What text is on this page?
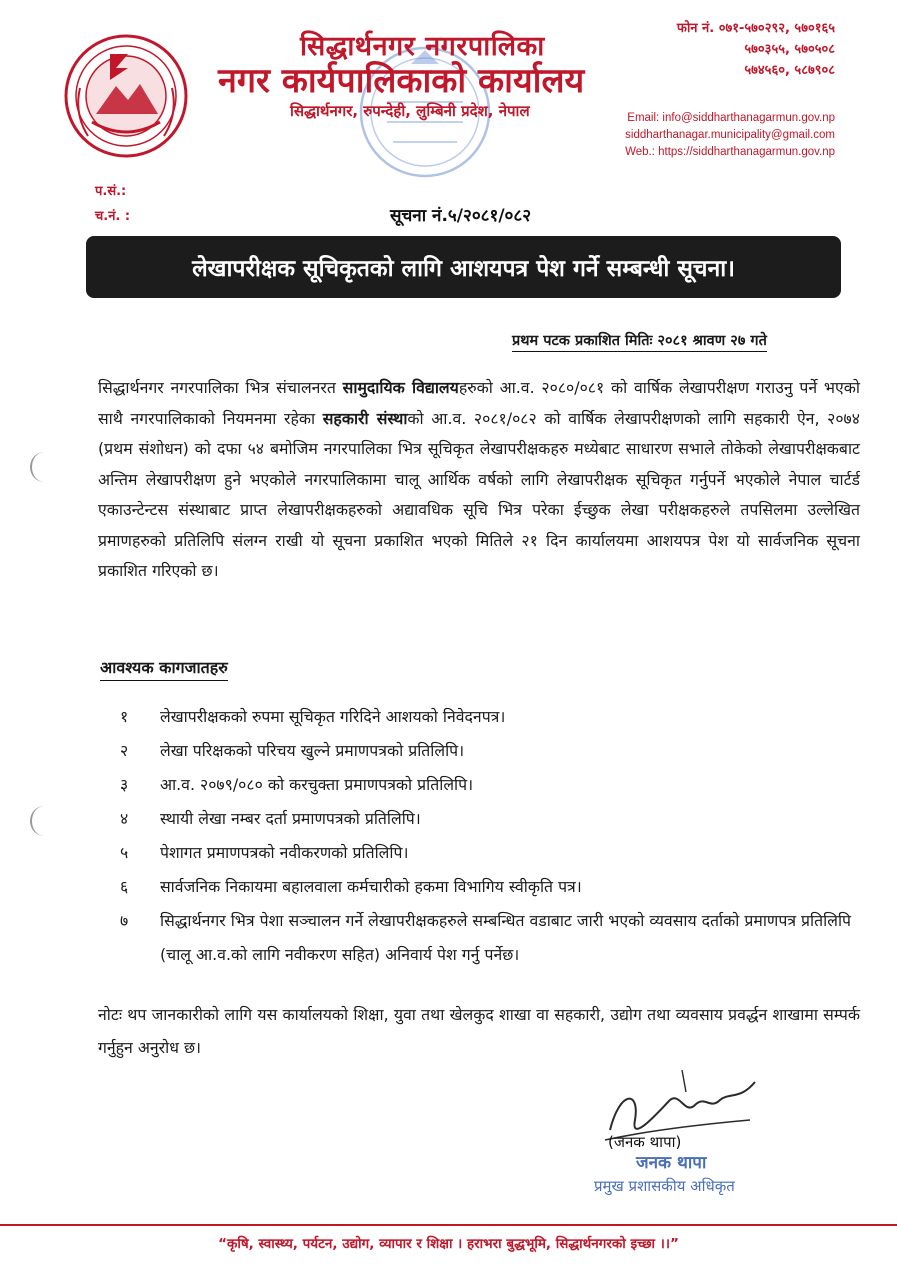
सिद्धार्थनगर नगरपालिका
नगर कार्यपालिकाको कार्यालय
सिद्धार्थनगर, रुपन्देही, लुम्बिनी प्रदेश, नेपाल
फोन नं. ०७१-५७०२९२, ५७०१६५
५७०३५५, ५७०५०८
५७४५६०, ५८७९०८
Email: info@siddharthanagarmun.gov.np
siddharthanagar.municipality@gmail.com
Web.: https://siddharthanagarmun.gov.np
प.सं.:
च.नं. :	सूचना नं.५/२०८१/०८२
लेखापरीक्षक सूचिकृतको लागि आशयपत्र पेश गर्ने सम्बन्धी सूचना।
प्रथम पटक प्रकाशित मितिः २०८१ श्रावण २७ गते

सिद्धार्थनगर नगरपालिका भित्र संचालनरत सामुदायिक विद्यालयहरुको आ.व. २०८०/०८१ को वार्षिक लेखापरीक्षण गराउनु पर्ने भएको साथै नगरपालिकाको नियमनमा रहेका सहकारी संस्थाको आ.व. २०८१/०८२ को वार्षिक लेखापरीक्षणको लागि सहकारी ऐन, २०७४ (प्रथम संशोधन) को दफा ५४ बमोजिम नगरपालिका भित्र सूचिकृत लेखापरीक्षकहरु मध्येबाट साधारण सभाले तोकेको लेखापरीक्षकबाट अन्तिम लेखापरीक्षण हुने भएकोले नगरपालिकामा चालू आर्थिक वर्षको लागि लेखापरीक्षक सूचिकृत गर्नुपर्ने भएकोले नेपाल चार्टर्ड एकाउन्टेन्टस संस्थाबाट प्राप्त लेखापरीक्षकहरुको अद्यावधिक सूचि भित्र परेका ईच्छुक लेखा परीक्षकहरुले तपसिलमा उल्लेखित प्रमाणहरुको प्रतिलिपि संलग्न राखी यो सूचना प्रकाशित भएको मितिले २१ दिन कार्यालयमा आशयपत्र पेश यो सार्वजनिक सूचना प्रकाशित गरिएको छ।

आवश्यक कागजातहरु
१	लेखापरीक्षकको रुपमा सूचिकृत गरिदिने आशयको निवेदनपत्र।
२	लेखा परिक्षकको परिचय खुल्ने प्रमाणपत्रको प्रतिलिपि।
३	आ.व. २०७९/०८० को करचुक्ता प्रमाणपत्रको प्रतिलिपि।
४	स्थायी लेखा नम्बर दर्ता प्रमाणपत्रको प्रतिलिपि।
५	पेशागत प्रमाणपत्रको नवीकरणको प्रतिलिपि।
६	सार्वजनिक निकायमा बहालवाला कर्मचारीको हकमा विभागिय स्वीकृति पत्र।
७	सिद्धार्थनगर भित्र पेशा सञ्चालन गर्ने लेखापरीक्षकहरुले सम्बन्धित वडाबाट जारी भएको व्यवसाय दर्ताको प्रमाणपत्र प्रतिलिपि (चालू आ.व.को लागि नवीकरण सहित) अनिवार्य पेश गर्नु पर्नेछ।
नोटः थप जानकारीको लागि यस कार्यालयको शिक्षा, युवा तथा खेलकुद शाखा वा सहकारी, उद्योग तथा व्यवसाय प्रवर्द्धन शाखामा सम्पर्क गर्नुहुन अनुरोध छ।
(जनक थापा)
जनक थापा
प्रमुख प्रशासकीय अधिकृत
“कृषि, स्वास्थ्य, पर्यटन, उद्योग, व्यापार र शिक्षा । हराभरा बुद्धभूमि, सिद्धार्थनगरको इच्छा ।।”
